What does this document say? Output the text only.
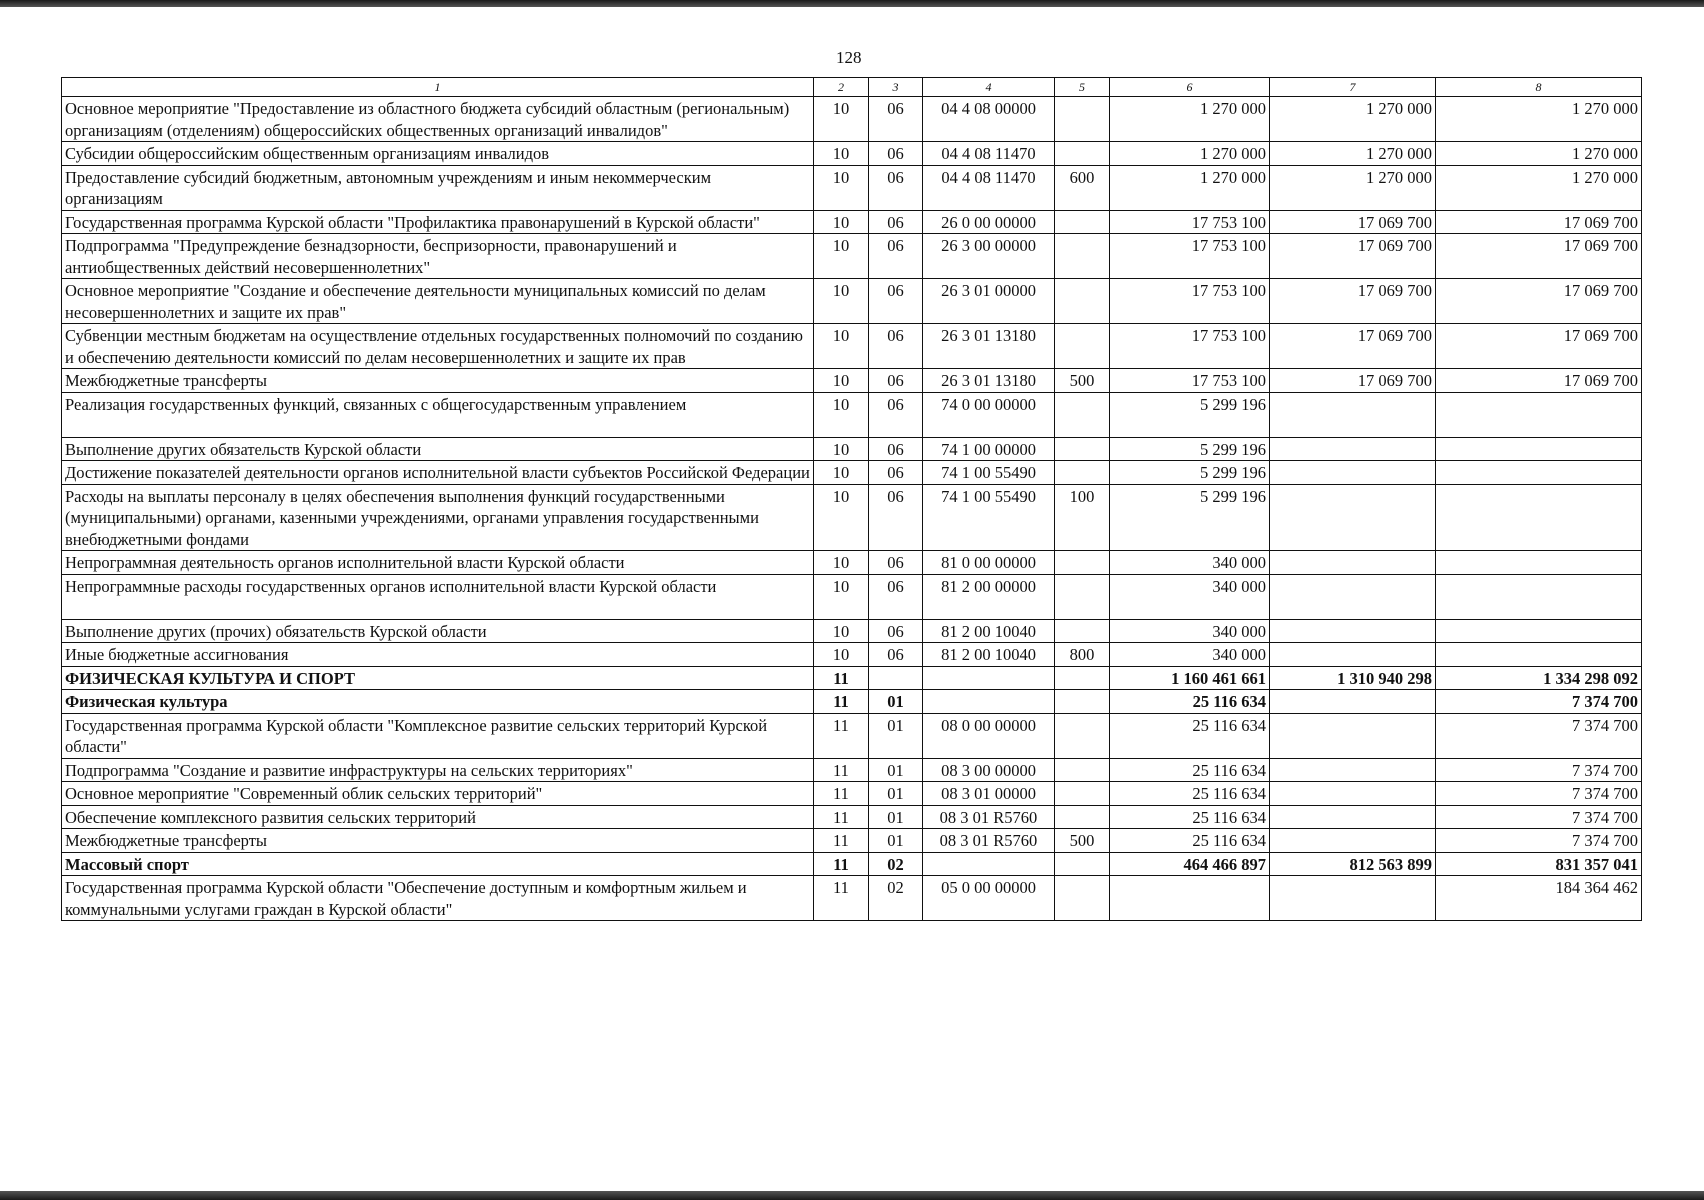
128
1	2	3	4	5	6	7	8
Основное мероприятие "Предоставление из областного бюджета субсидий областным (региональным) организациям (отделениям) общероссийских общественных организаций инвалидов"	10	06	04 4 08 00000		1 270 000	1 270 000	1 270 000
Субсидии общероссийским общественным организациям инвалидов	10	06	04 4 08 11470		1 270 000	1 270 000	1 270 000
Предоставление субсидий бюджетным, автономным учреждениям и иным некоммерческим организациям	10	06	04 4 08 11470	600	1 270 000	1 270 000	1 270 000
Государственная программа Курской области "Профилактика правонарушений в Курской области"	10	06	26 0 00 00000		17 753 100	17 069 700	17 069 700
Подпрограмма "Предупреждение безнадзорности, беспризорности, правонарушений и антиобщественных действий несовершеннолетних"	10	06	26 3 00 00000		17 753 100	17 069 700	17 069 700
Основное мероприятие "Создание и обеспечение деятельности муниципальных комиссий по делам несовершеннолетних и защите их прав"	10	06	26 3 01 00000		17 753 100	17 069 700	17 069 700
Субвенции местным бюджетам на осуществление отдельных государственных полномочий по созданию и обеспечению деятельности комиссий по делам несовершеннолетних и защите их прав	10	06	26 3 01 13180		17 753 100	17 069 700	17 069 700
Межбюджетные трансферты	10	06	26 3 01 13180	500	17 753 100	17 069 700	17 069 700
Реализация государственных функций, связанных с общегосударственным управлением	10	06	74 0 00 00000		5 299 196		
Выполнение других обязательств Курской области	10	06	74 1 00 00000		5 299 196		
Достижение показателей деятельности органов исполнительной власти субъектов Российской Федерации	10	06	74 1 00 55490		5 299 196		
Расходы на выплаты персоналу в целях обеспечения выполнения функций государственными (муниципальными) органами, казенными учреждениями, органами управления государственными внебюджетными фондами	10	06	74 1 00 55490	100	5 299 196		
Непрограммная деятельность органов исполнительной власти Курской области	10	06	81 0 00 00000		340 000		
Непрограммные расходы государственных органов исполнительной власти Курской области	10	06	81 2 00 00000		340 000		
Выполнение других (прочих) обязательств Курской области	10	06	81 2 00 10040		340 000		
Иные бюджетные ассигнования	10	06	81 2 00 10040	800	340 000		
ФИЗИЧЕСКАЯ КУЛЬТУРА И СПОРТ	11				1 160 461 661	1 310 940 298	1 334 298 092
Физическая культура	11	01			25 116 634		7 374 700
Государственная программа Курской области "Комплексное развитие сельских территорий Курской области"	11	01	08 0 00 00000		25 116 634		7 374 700
Подпрограмма "Создание и развитие инфраструктуры на сельских территориях"	11	01	08 3 00 00000		25 116 634		7 374 700
Основное мероприятие "Современный облик сельских территорий"	11	01	08 3 01 00000		25 116 634		7 374 700
Обеспечение комплексного развития сельских территорий	11	01	08 3 01 R5760		25 116 634		7 374 700
Межбюджетные трансферты	11	01	08 3 01 R5760	500	25 116 634		7 374 700
Массовый спорт	11	02			464 466 897	812 563 899	831 357 041
Государственная программа Курской области "Обеспечение доступным и комфортным жильем и коммунальными услугами граждан в Курской области"	11	02	05 0 00 00000				184 364 462
